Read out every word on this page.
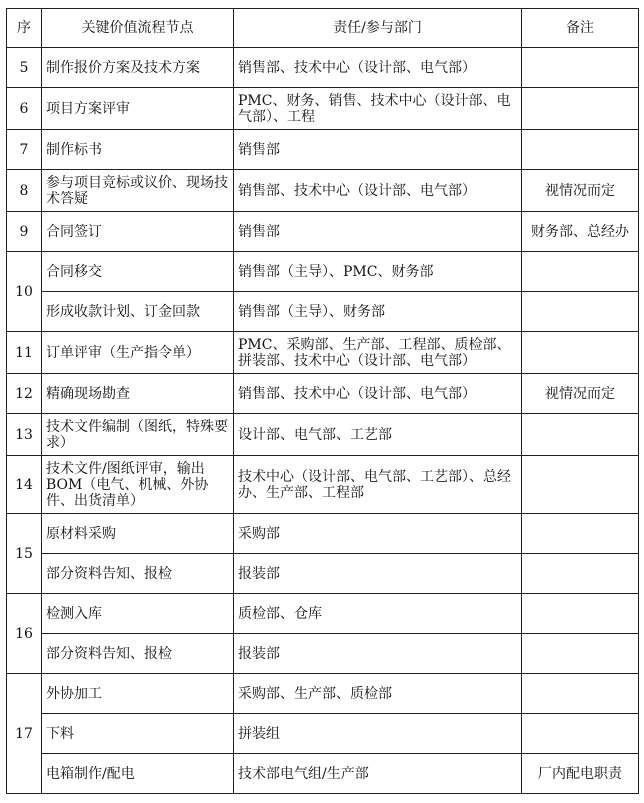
序	关键价值流程节点	责任/参与部门	备注
5	制作报价方案及技术方案	销售部、技术中心（设计部、电气部）	
6	项目方案评审	PMC、财务、销售、技术中心（设计部、电气部）、工程	
7	制作标书	销售部	
8	参与项目竞标或议价、现场技术答疑	销售部、技术中心（设计部、电气部）	视情况而定
9	合同签订	销售部	财务部、总经办
10	合同移交	销售部（主导）、PMC、财务部	
	形成收款计划、订金回款	销售部（主导）、财务部	
11	订单评审（生产指令单）	PMC、采购部、生产部、工程部、质检部、拼装部、技术中心（设计部、电气部）	
12	精确现场勘查	销售部、技术中心（设计部、电气部）	视情况而定
13	技术文件编制（图纸，特殊要求）	设计部、电气部、工艺部	
14	技术文件/图纸评审，输出BOM（电气、机械、外协件、出货清单）	技术中心（设计部、电气部、工艺部）、总经办、生产部、工程部	
15	原材料采购	采购部	
	部分资料告知、报检	报装部	
16	检测入库	质检部、仓库	
	部分资料告知、报检	报装部	
17	外协加工	采购部、生产部、质检部	
	下料	拼装组	
	电箱制作/配电	技术部电气组/生产部	厂内配电职责
